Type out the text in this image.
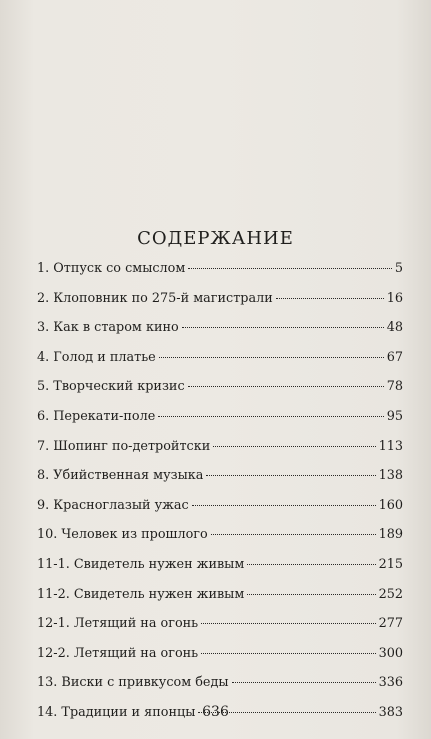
СОДЕРЖАНИЕ
1. Отпуск со смыслом	5
2. Клоповник по 275-й магистрали	16
3. Как в старом кино	48
4. Голод и платье	67
5. Творческий кризис	78
6. Перекати-поле	95
7. Шопинг по-детройтски	113
8. Убийственная музыка	138
9. Красноглазый ужас	160
10. Человек из прошлого	189
11-1. Свидетель нужен живым	215
11-2. Свидетель нужен живым	252
12-1. Летящий на огонь	277
12-2. Летящий на огонь	300
13. Виски с привкусом беды	336
14. Традиции и японцы	383
636
